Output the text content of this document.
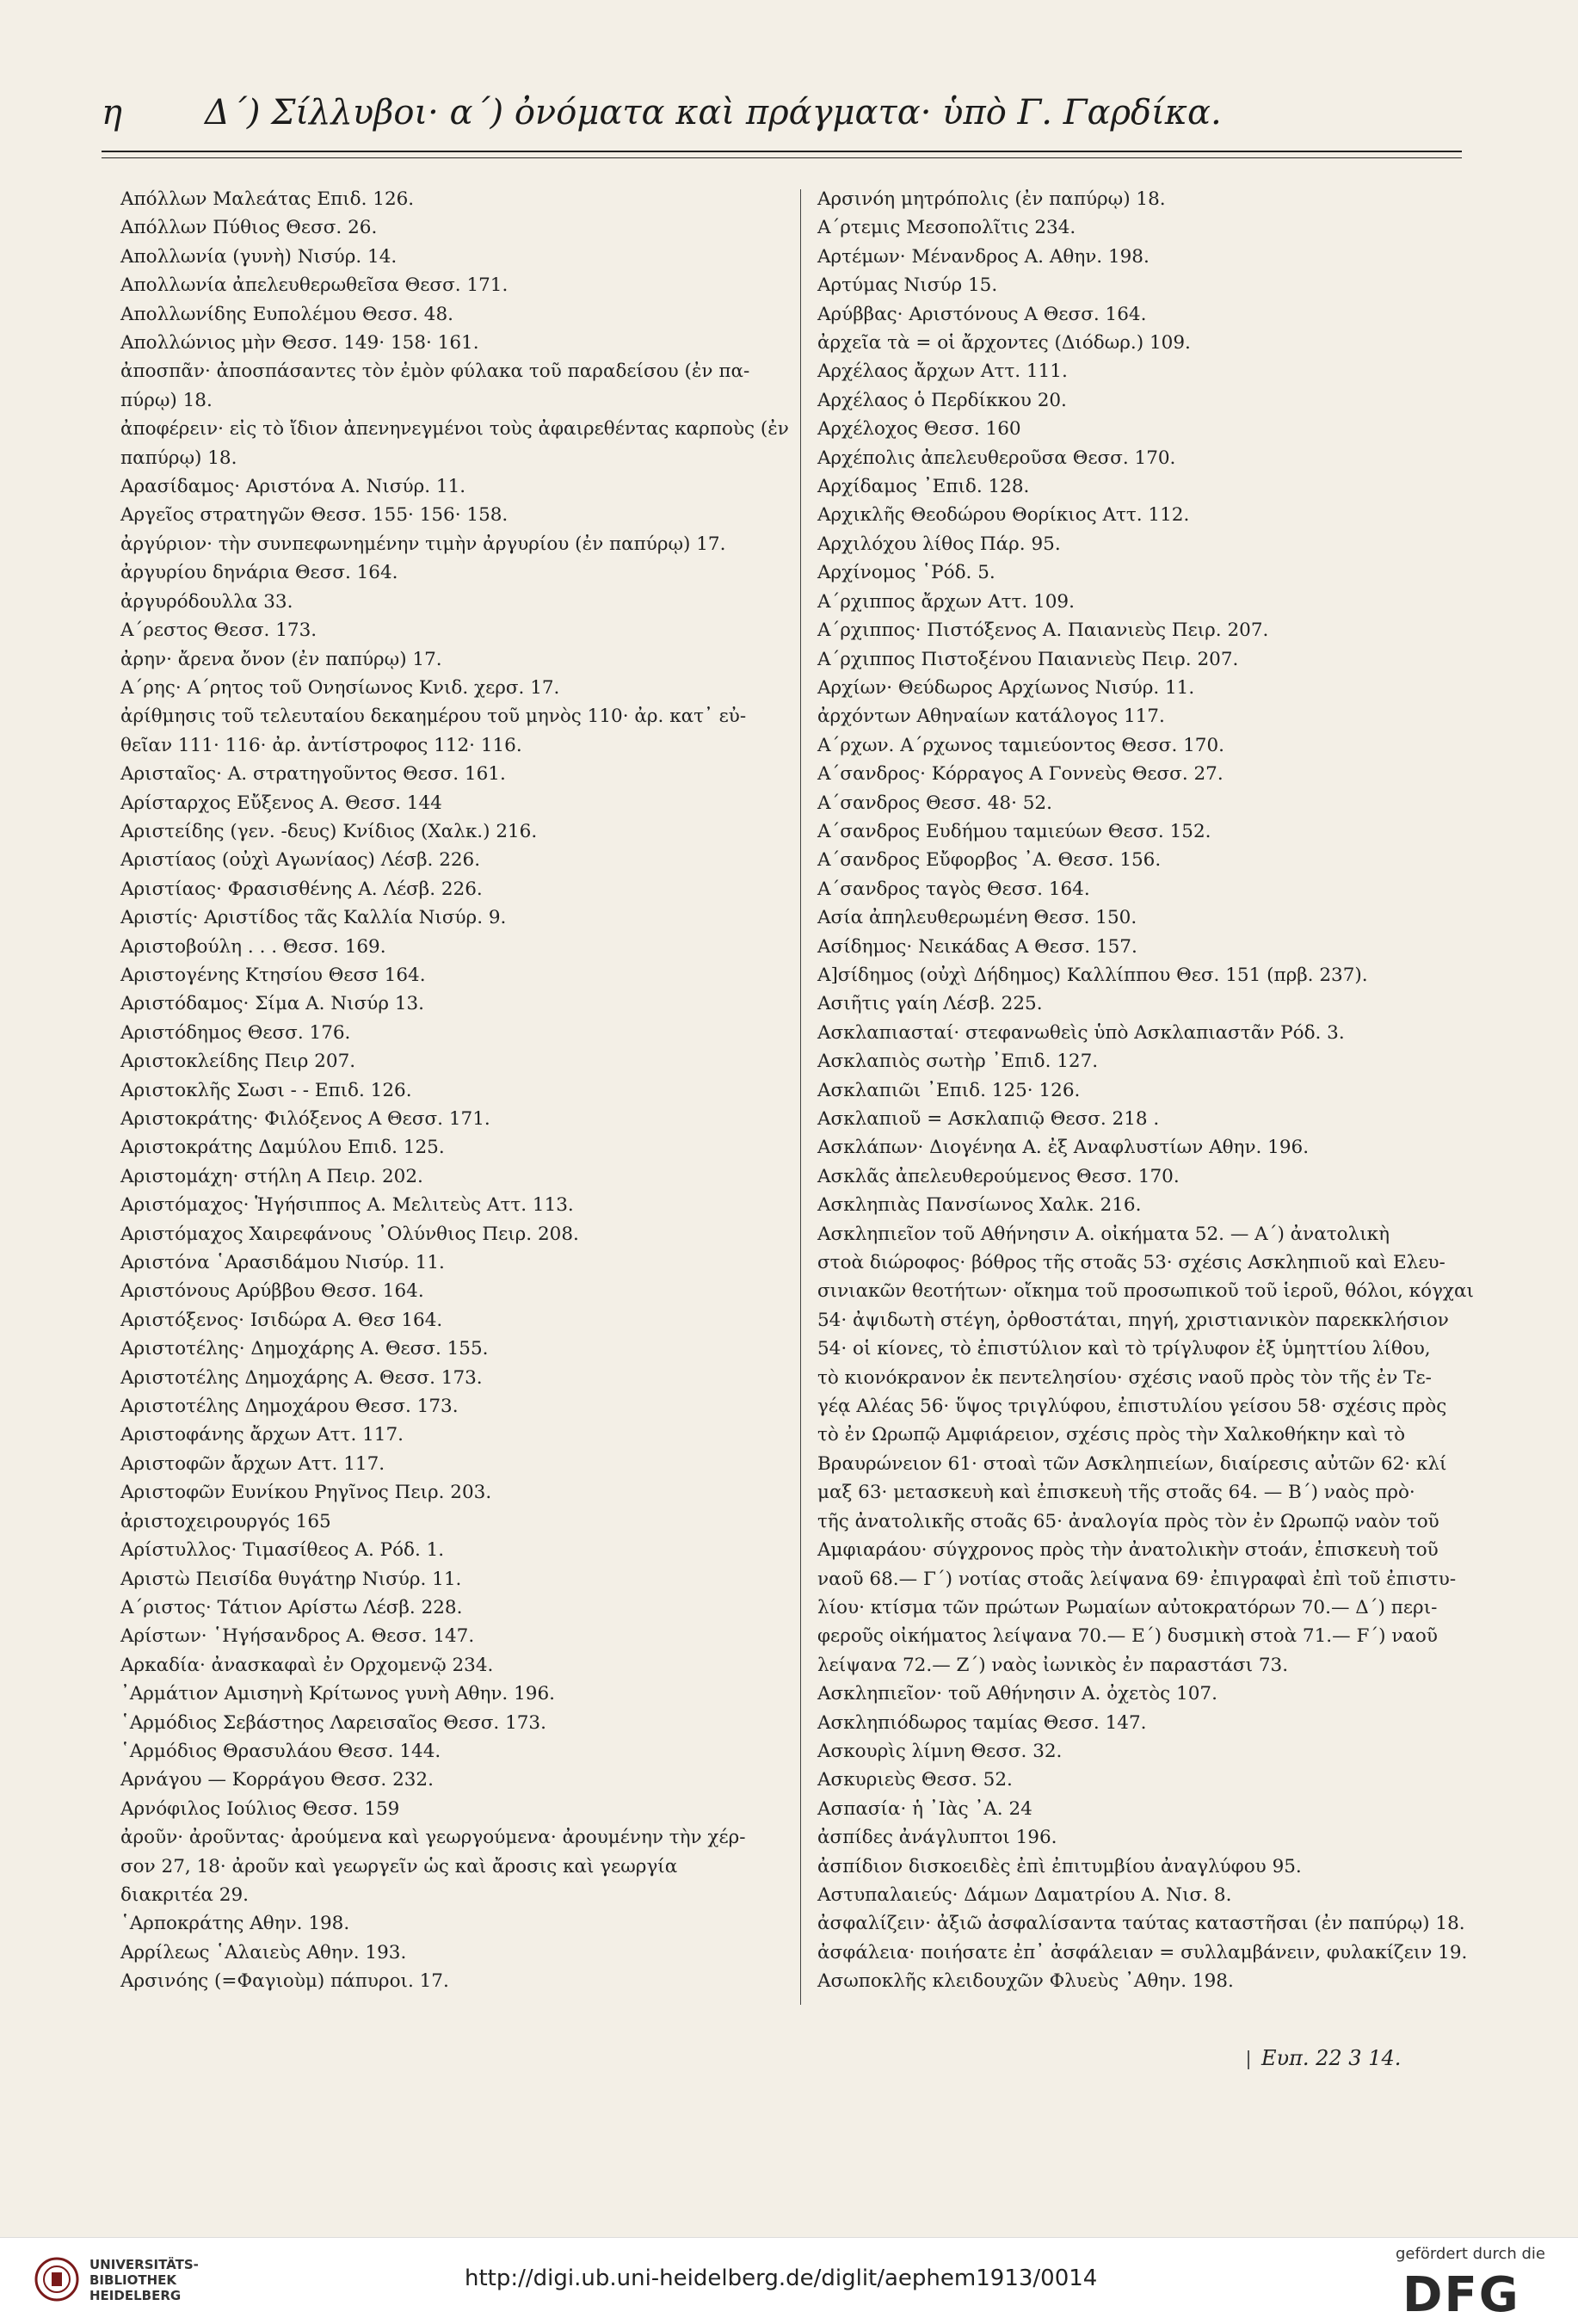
η Δ΄) Σίλλυβοι· α΄) ὀνόματα καὶ πράγματα· ὑπὸ Γ. Γαρδίκα.
Απόλλων Μαλεάτας Επιδ. 126.
Απόλλων Πύθιος Θεσσ. 26.
Απολλωνία (γυνὴ) Νισύρ. 14.
Απολλωνία ἀπελευθερωθεῖσα Θεσσ. 171.
Απολλωνίδης Ευπολέμου Θεσσ. 48.
Απολλώνιος μὴν Θεσσ. 149· 158· 161.
ἀποσπᾶν· ἀποσπάσαντες τὸν ἐμὸν φύλακα τοῦ παραδείσου (ἐν πα-
πύρῳ) 18.
ἀποφέρειν· εἰς τὸ ἴδιον ἀπενηνεγμένοι τοὺς ἀφαιρεθέντας καρποὺς (ἐν
παπύρῳ) 18.
Αρασίδαμος· Αριστόνα Α. Νισύρ. 11.
Αργεῖος στρατηγῶν Θεσσ. 155· 156· 158.
ἀργύριον· τὴν συνπεφωνημένην τιμὴν ἀργυρίου (ἐν παπύρῳ) 17.
ἀργυρίου δηνάρια Θεσσ. 164.
ἀργυρόδουλλα 33.
Α΄ρεστος Θεσσ. 173.
ἀρην· ἄρενα ὄνον (ἐν παπύρῳ) 17.
Α΄ρης· Α΄ρητος τοῦ Ονησίωνος Κνιδ. χερσ. 17.
ἀρίθμησις τοῦ τελευταίου δεκαημέρου τοῦ μηνὸς 110· ἀρ. κατ᾽ εὐ-
θεῖαν 111· 116· ἀρ. ἀντίστροφος 112· 116.
Αρισταῖος· Α. στρατηγοῦντος Θεσσ. 161.
Αρίσταρχος Εὔξενος Α. Θεσσ. 144
Αριστείδης (γεν. -δευς) Κνίδιος (Χαλκ.) 216.
Αριστίαος (οὐχὶ Αγωνίαος) Λέσβ. 226.
Αριστίαος· Φρασισθένης Α. Λέσβ. 226.
Αριστίς· Αριστίδος τᾶς Καλλία Νισύρ. 9.
Αριστοβούλη . . . Θεσσ. 169.
Αριστογένης Κτησίου Θεσσ 164.
Αριστόδαμος· Σίμα Α. Νισύρ 13.
Αριστόδημος Θεσσ. 176.
Αριστοκλείδης Πειρ 207.
Αριστοκλῆς Σωσι - - Επιδ. 126.
Αριστοκράτης· Φιλόξενος Α Θεσσ. 171.
Αριστοκράτης Δαμύλου Επιδ. 125.
Αριστομάχη· στήλη Α Πειρ. 202.
Αριστόμαχος· Ἡγήσιππος Α. Μελιτεὺς Αττ. 113.
Αριστόμαχος Χαιρεφάνους ᾿Ολύνθιος Πειρ. 208.
Αριστόνα ῾Αρασιδάμου Νισύρ. 11.
Αριστόνους Αρύββου Θεσσ. 164.
Αριστόξενος· Ισιδώρα Α. Θεσ 164.
Αριστοτέλης· Δημοχάρης Α. Θεσσ. 155.
Αριστοτέλης Δημοχάρης Α. Θεσσ. 173.
Αριστοτέλης Δημοχάρου Θεσσ. 173.
Αριστοφάνης ἄρχων Αττ. 117.
Αριστοφῶν ἄρχων Αττ. 117.
Αριστοφῶν Ευνίκου Ρηγῖνος Πειρ. 203.
ἀριστοχειρουργός 165
Αρίστυλλος· Τιμασίθεος Α. Ρόδ. 1.
Αριστὼ Πεισίδα θυγάτηρ Νισύρ. 11.
Α΄ριστος· Τάτιον Αρίστω Λέσβ. 228.
Αρίστων· ῾Ηγήσανδρος Α. Θεσσ. 147.
Αρκαδία· ἀνασκαφαὶ ἐν Ορχομενῷ 234.
᾿Αρμάτιον Αμισηνὴ Κρίτωνος γυνὴ Αθην. 196.
῾Αρμόδιος Σεβάστηος Λαρεισαῖος Θεσσ. 173.
῾Αρμόδιος Θρασυλάου Θεσσ. 144.
Αρνάγου — Κορράγου Θεσσ. 232.
Αρνόφιλος Ιούλιος Θεσσ. 159
ἀροῦν· ἀροῦντας· ἀρούμενα καὶ γεωργούμενα· ἀρουμένην τὴν χέρ-
σον 27, 18· ἀροῦν καὶ γεωργεῖν ὡς καὶ ἄροσις καὶ γεωργία
διακριτέα 29.
῾Αρποκράτης Αθην. 198.
Αρρίλεως ῾Αλαιεὺς Αθην. 193.
Αρσινόης (=Φαγιοὺμ) πάπυροι. 17.
Αρσινόη μητρόπολις (ἐν παπύρῳ) 18.
Α΄ρτεμις Μεσοπολῖτις 234.
Αρτέμων· Μένανδρος Α. Αθην. 198.
Αρτύμας Νισύρ 15.
Αρύββας· Αριστόνους Α Θεσσ. 164.
ἀρχεῖα τὰ = οἱ ἄρχοντες (Διόδωρ.) 109.
Αρχέλαος ἄρχων Αττ. 111.
Αρχέλαος ὁ Περδίκκου 20.
Αρχέλοχος Θεσσ. 160
Αρχέπολις ἀπελευθεροῦσα Θεσσ. 170.
Αρχίδαμος ᾿Επιδ. 128.
Αρχικλῆς Θεοδώρου Θορίκιος Αττ. 112.
Αρχιλόχου λίθος Πάρ. 95.
Αρχίνομος ῾Ρόδ. 5.
Α΄ρχιππος ἄρχων Αττ. 109.
Α΄ρχιππος· Πιστόξενος Α. Παιανιεὺς Πειρ. 207.
Α΄ρχιππος Πιστοξένου Παιανιεὺς Πειρ. 207.
Αρχίων· Θεύδωρος Αρχίωνος Νισύρ. 11.
ἀρχόντων Αθηναίων κατάλογος 117.
Α΄ρχων. Α΄ρχωνος ταμιεύοντος Θεσσ. 170.
Α΄σανδρος· Κόρραγος Α Γοννεὺς Θεσσ. 27.
Α΄σανδρος Θεσσ. 48· 52.
Α΄σανδρος Ευδήμου ταμιεύων Θεσσ. 152.
Α΄σανδρος Εὔφορβος ᾿Α. Θεσσ. 156.
Α΄σανδρος ταγὸς Θεσσ. 164.
Ασία ἀπηλευθερωμένη Θεσσ. 150.
Ασίδημος· Νεικάδας Α Θεσσ. 157.
Α]σίδημος (οὐχὶ Δήδημος) Καλλίππου Θεσ. 151 (πρβ. 237).
Ασιῆτις γαίη Λέσβ. 225.
Ασκλαπιασταί· στεφανωθεὶς ὑπὸ Ασκλαπιαστᾶν Ρόδ. 3.
Ασκλαπιὸς σωτὴρ ᾿Επιδ. 127.
Ασκλαπιῶι ᾿Επιδ. 125· 126.
Ασκλαπιοῦ = Ασκλαπιῷ Θεσσ. 218 .
Ασκλάπων· Διογένηα Α. ἐξ Αναφλυστίων Αθην. 196.
Ασκλᾶς ἀπελευθερούμενος Θεσσ. 170.
Ασκληπιὰς Πανσίωνος Χαλκ. 216.
Ασκληπιεῖον τοῦ Αθήνησιν Α. οἰκήματα 52. — Α΄) ἀνατολικὴ
στοὰ διώροφος· βόθρος τῆς στοᾶς 53· σχέσις Ασκληπιοῦ καὶ Ελευ-
σινιακῶν θεοτήτων· οἴκημα τοῦ προσωπικοῦ τοῦ ἱεροῦ, θόλοι, κόγχαι
54· ἀψιδωτὴ στέγη, ὀρθοστάται, πηγή, χριστιανικὸν παρεκκλήσιον
54· οἱ κίονες, τὸ ἐπιστύλιον καὶ τὸ τρίγλυφον ἐξ ὑμηττίου λίθου,
τὸ κιονόκρανον ἐκ πεντελησίου· σχέσις ναοῦ πρὸς τὸν τῆς ἐν Τε-
γέᾳ Αλέας 56· ὕψος τριγλύφου, ἐπιστυλίου γείσου 58· σχέσις πρὸς
τὸ ἐν Ωρωπῷ Αμφιάρειον, σχέσις πρὸς τὴν Χαλκοθήκην καὶ τὸ
Βραυρώνειον 61· στοαὶ τῶν Ασκληπιείων, διαίρεσις αὐτῶν 62· κλί
μαξ 63· μετασκευὴ καὶ ἐπισκευὴ τῆς στοᾶς 64. — Β΄) ναὸς πρὸ·
τῆς ἀνατολικῆς στοᾶς 65· ἀναλογία πρὸς τὸν ἐν Ωρωπῷ ναὸν τοῦ
Αμφιαράου· σύγχρονος πρὸς τὴν ἀνατολικὴν στοάν, ἐπισκευὴ τοῦ
ναοῦ 68.— Γ΄) νοτίας στοᾶς λείψανα 69· ἐπιγραφαὶ ἐπὶ τοῦ ἐπιστυ-
λίου· κτίσμα τῶν πρώτων Ρωμαίων αὐτοκρατόρων 70.— Δ΄) περι-
φεροῦς οἰκήματος λείψανα 70.— Ε΄) δυσμικὴ στοὰ 71.— F΄) ναοῦ
λείψανα 72.— Ζ΄) ναὸς ἰωνικὸς ἐν παραστάσι 73.
Ασκληπιεῖον· τοῦ Αθήνησιν Α. ὀχετὸς 107.
Ασκληπιόδωρος ταμίας Θεσσ. 147.
Ασκουρὶς λίμνη Θεσσ. 32.
Ασκυριεὺς Θεσσ. 52.
Ασπασία· ἡ ᾿Ιὰς ᾿Α. 24
ἀσπίδες ἀνάγλυπτοι 196.
ἀσπίδιον δισκοειδὲς ἐπὶ ἐπιτυμβίου ἀναγλύφου 95.
Αστυπαλαιεύς· Δάμων Δαματρίου Α. Νισ. 8.
ἀσφαλίζειν· ἀξιῶ ἀσφαλίσαντα ταύτας καταστῆσαι (ἐν παπύρῳ) 18.
ἀσφάλεια· ποιήσατε ἐπ᾽ ἀσφάλειαν = συλλαμβάνειν, φυλακίζειν 19.
Ασωποκλῆς κλειδουχῶν Φλυεὺς ᾿Αθην. 198.
Ευπ. 22 3 14.
UNIVERSITÄTS-
BIBLIOTHEK
HEIDELBERG
http://digi.ub.uni-heidelberg.de/diglit/aephem1913/0014
gefördert durch die
DFG
